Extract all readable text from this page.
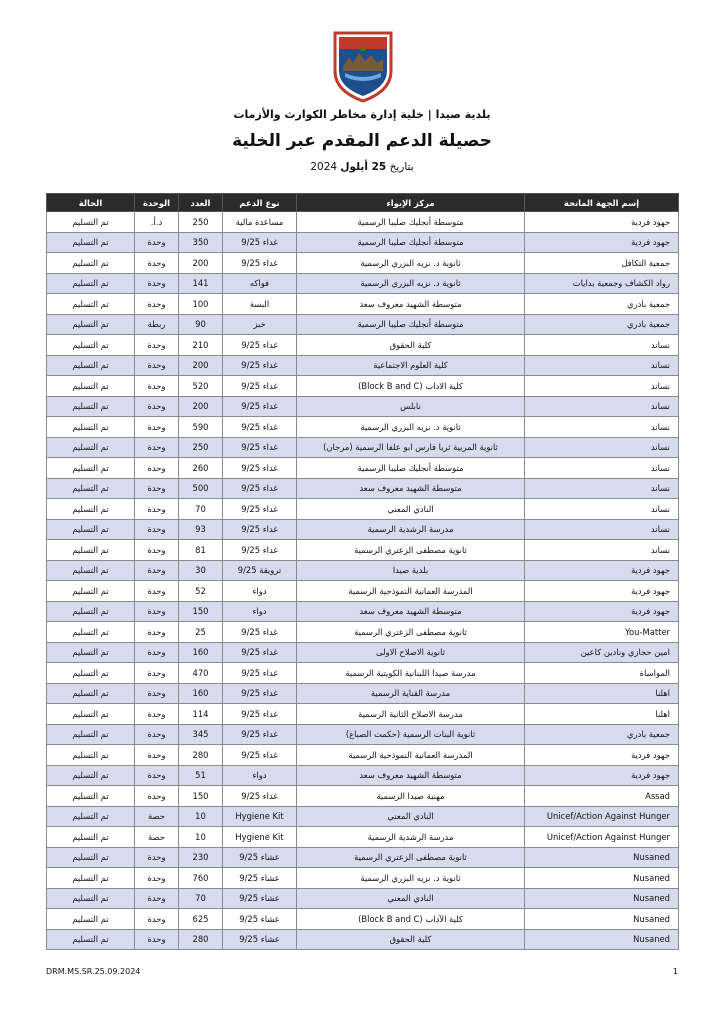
بلدية صيدا | خلية إدارة مخاطر الكوارث والأزمات
حصيلة الدعم المقدم عبر الخلية
بتاريخ 25 أيلول 2024
إسم الجهة المانحة	مركز الإيواء	نوع الدعم	العدد	الوحدة	الحالة
جهود فردية	متوسطة أنجليك صليبا الرسمية	مساعدة مالية	250	د.أ.	تم التسليم
جهود فردية	متوسطة أنجليك صليبا الرسمية	غداء 9/25	350	وحدة	تم التسليم
جمعية التكافل	ثانوية د. نزيه البزري الرسمية	غداء 9/25	200	وحدة	تم التسليم
رواد الكشاف وجمعية بدايات	ثانوية د. نزيه البزري الرسمية	فواكه	141	وحدة	تم التسليم
جمعية بادري	متوسطة الشهيد معروف سعد	البسة	100	وحدة	تم التسليم
جمعية بادري	متوسطة أنجليك صليبا الرسمية	خبز	90	ربطة	تم التسليم
نساند	كلية الحقوق	غداء 9/25	210	وحدة	تم التسليم
نساند	كلية العلوم الاجتماعية	غداء 9/25	200	وحدة	تم التسليم
نساند	كلية الاداب (Block B and C)	غداء 9/25	520	وحدة	تم التسليم
نساند	نابلس	غداء 9/25	200	وحدة	تم التسليم
نساند	ثانوية د. نزيه البزري الرسمية	غداء 9/25	590	وحدة	تم التسليم
نساند	ثانوية المربية ثريا فارس ابو علفا الرسمية (مرجان)	غداء 9/25	250	وحدة	تم التسليم
نساند	متوسطة أنجليك صليبا الرسمية	غداء 9/25	260	وحدة	تم التسليم
نساند	متوسطة الشهيد معروف سعد	غداء 9/25	500	وحدة	تم التسليم
نساند	النادي المعني	غداء 9/25	70	وحدة	تم التسليم
نساند	مدرسة الرشدية الرسمية	غداء 9/25	93	وحدة	تم التسليم
نساند	ثانوية مصطفى الزعتري الرسمية	غداء 9/25	81	وحدة	تم التسليم
جهود فردية	بلدية صيدا	ترويقة 9/25	30	وحدة	تم التسليم
جهود فردية	المدرسة العمانية النموذجية الرسمية	دواء	52	وحدة	تم التسليم
جهود فردية	متوسطة الشهيد معروف سعد	دواء	150	وحدة	تم التسليم
You-Matter	ثانوية مصطفى الزعتري الرسمية	غداء 9/25	25	وحدة	تم التسليم
امين حجازي ونادين كاعين	ثانوية الاصلاح الاولى	غداء 9/25	160	وحدة	تم التسليم
المواساة	مدرسة صيدا اللبنانية الكويتية الرسمية	غداء 9/25	470	وحدة	تم التسليم
اهلنا	مدرسة القناية الرسمية	غداء 9/25	160	وحدة	تم التسليم
اهلنا	مدرسة الاصلاح الثانية الرسمية	غداء 9/25	114	وحدة	تم التسليم
جمعية بادري	ثانوية البنات الرسمية (حكمت الصباغ)	غداء 9/25	345	وحدة	تم التسليم
جهود فردية	المدرسة العمانية النموذجية الرسمية	غداء 9/25	280	وحدة	تم التسليم
جهود فردية	متوسطة الشهيد معروف سعد	دواء	51	وحدة	تم التسليم
Assad	مهنية صيدا الرسمية	غداء 9/25	150	وحدة	تم التسليم
Unicef/Action Against Hunger	النادي المعني	Hygiene Kit	10	حصة	تم التسليم
Unicef/Action Against Hunger	مدرسة الرشدية الرسمية	Hygiene Kit	10	حصة	تم التسليم
Nusaned	ثانوية مصطفى الزعتري الرسمية	عشاء 9/25	230	وحدة	تم التسليم
Nusaned	ثانوية د. نزيه البزري الرسمية	عشاء 9/25	760	وحدة	تم التسليم
Nusaned	النادي المعني	عشاء 9/25	70	وحدة	تم التسليم
Nusaned	كلية الآداب (Block B and C)	عشاء 9/25	625	وحدة	تم التسليم
Nusaned	كلية الحقوق	عشاء 9/25	280	وحدة	تم التسليم
DRM.MS.SR.25.09.2024	1
